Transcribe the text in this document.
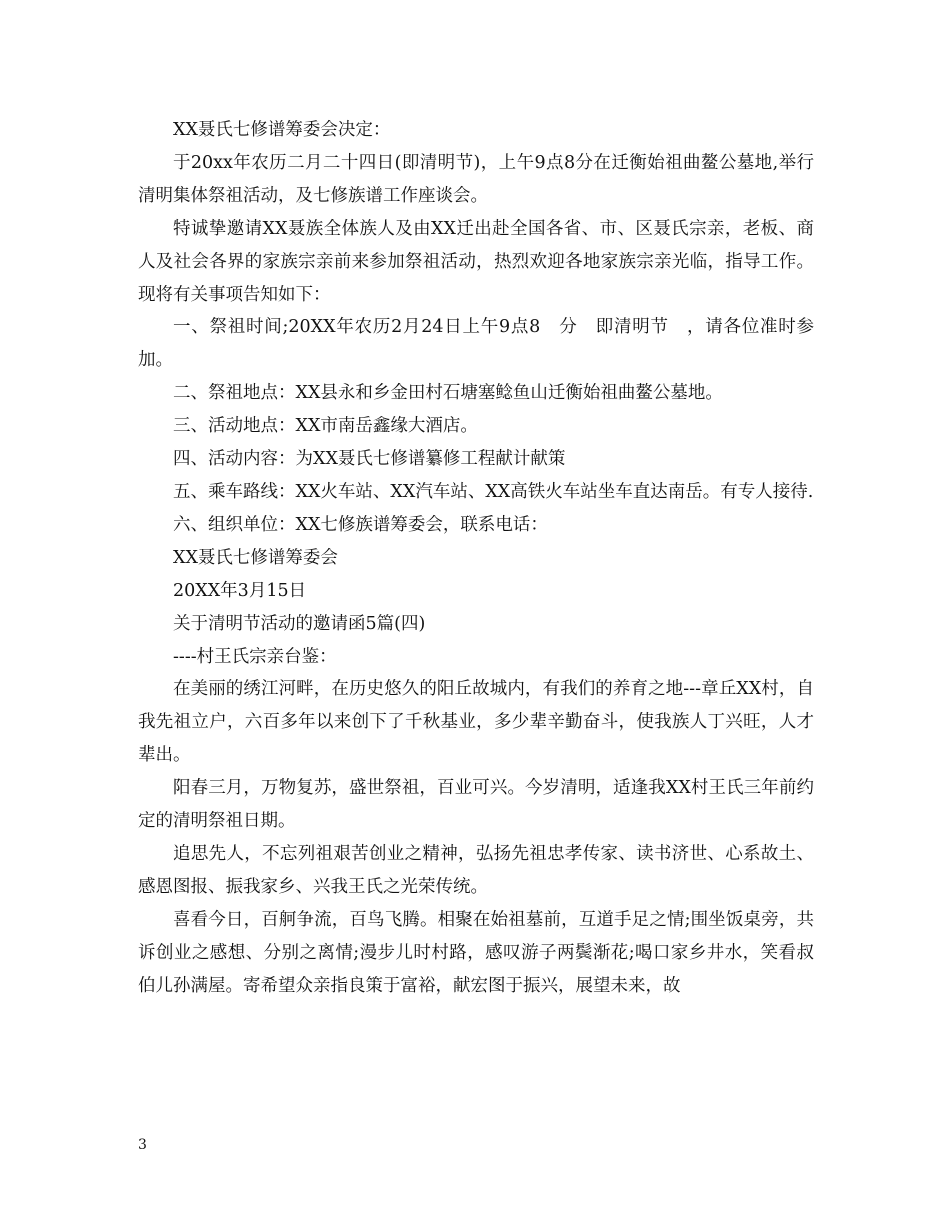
XX聂氏七修谱筹委会决定：

于20xx年农历二月二十四日(即清明节)，上午9点8分在迁衡始祖曲鳌公墓地,举行清明集体祭祖活动，及七修族谱工作座谈会。

特诚挚邀请XX聂族全体族人及由XX迁出赴全国各省、市、区聂氏宗亲，老板、商人及社会各界的家族宗亲前来参加祭祖活动，热烈欢迎各地家族宗亲光临，指导工作。现将有关事项告知如下：

一、祭祖时间;20XX年农历2月24日上午9点8　分　即清明节　，请各位准时参加。

二、祭祖地点：XX县永和乡金田村石塘塞鲶鱼山迁衡始祖曲鳌公墓地。

三、活动地点：XX市南岳鑫缘大酒店。

四、活动内容：为XX聂氏七修谱纂修工程献计献策

五、乘车路线：XX火车站、XX汽车站、XX高铁火车站坐车直达南岳。有专人接待.

六、组织单位：XX七修族谱筹委会，联系电话：

XX聂氏七修谱筹委会

20XX年3月15日

关于清明节活动的邀请函5篇(四)

----村王氏宗亲台鉴：

在美丽的绣江河畔，在历史悠久的阳丘故城内，有我们的养育之地---章丘XX村，自我先祖立户，六百多年以来创下了千秋基业，多少辈辛勤奋斗，使我族人丁兴旺，人才辈出。

阳春三月，万物复苏，盛世祭祖，百业可兴。今岁清明，适逢我XX村王氏三年前约定的清明祭祖日期。

追思先人，不忘列祖艰苦创业之精神，弘扬先祖忠孝传家、读书济世、心系故土、感恩图报、振我家乡、兴我王氏之光荣传统。

喜看今日，百舸争流，百鸟飞腾。相聚在始祖墓前，互道手足之情;围坐饭桌旁，共诉创业之感想、分别之离情;漫步儿时村路，感叹游子两鬓渐花;喝口家乡井水，笑看叔伯儿孙满屋。寄希望众亲指良策于富裕，献宏图于振兴，展望未来，故

3
